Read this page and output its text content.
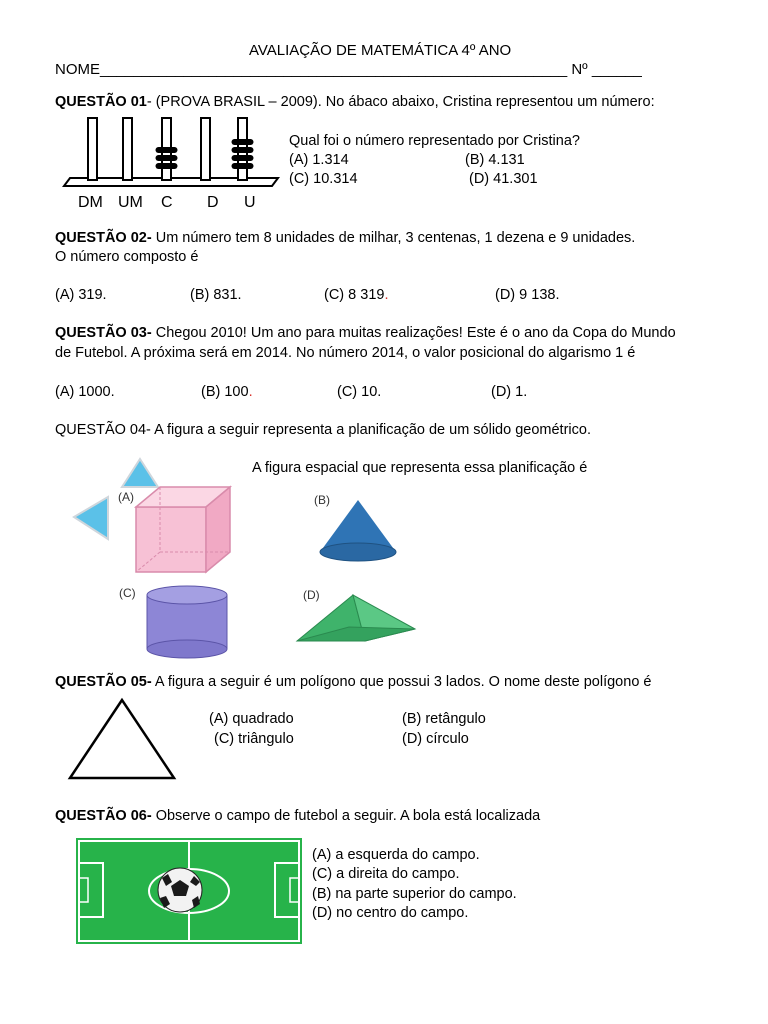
AVALIAÇÃO DE MATEMÁTICA 4º ANO
NOME________________________________________________________ Nº ______
QUESTÃO 01- (PROVA BRASIL – 2009). No ábaco abaixo, Cristina representou um número:
DM UM C D U
Qual foi o número representado por Cristina?
(A) 1.314	(B) 4.131
(C) 10.314	(D) 41.301
QUESTÃO 02- Um número tem 8 unidades de milhar, 3 centenas, 1 dezena e 9 unidades.
O número composto é
(A) 319.	(B) 831.	(C) 8 319.	(D) 9 138.
QUESTÃO 03- Chegou 2010! Um ano para muitas realizações! Este é o ano da Copa do Mundo
de Futebol. A próxima será em 2014. No número 2014, o valor posicional do algarismo 1 é
(A) 1000.	(B) 100.	(C) 10.	(D) 1.
QUESTÃO 04- A figura a seguir representa a planificação de um sólido geométrico.
A figura espacial que representa essa planificação é
(A)	(B)
(C)	(D)
QUESTÃO 05- A figura a seguir é um polígono que possui 3 lados. O nome deste polígono é
(A) quadrado	(B) retângulo
(C) triângulo	(D) círculo
QUESTÃO 06- Observe o campo de futebol a seguir. A bola está localizada
(A) a esquerda do campo.
(C) a direita do campo.
(B) na parte superior do campo.
(D) no centro do campo.
